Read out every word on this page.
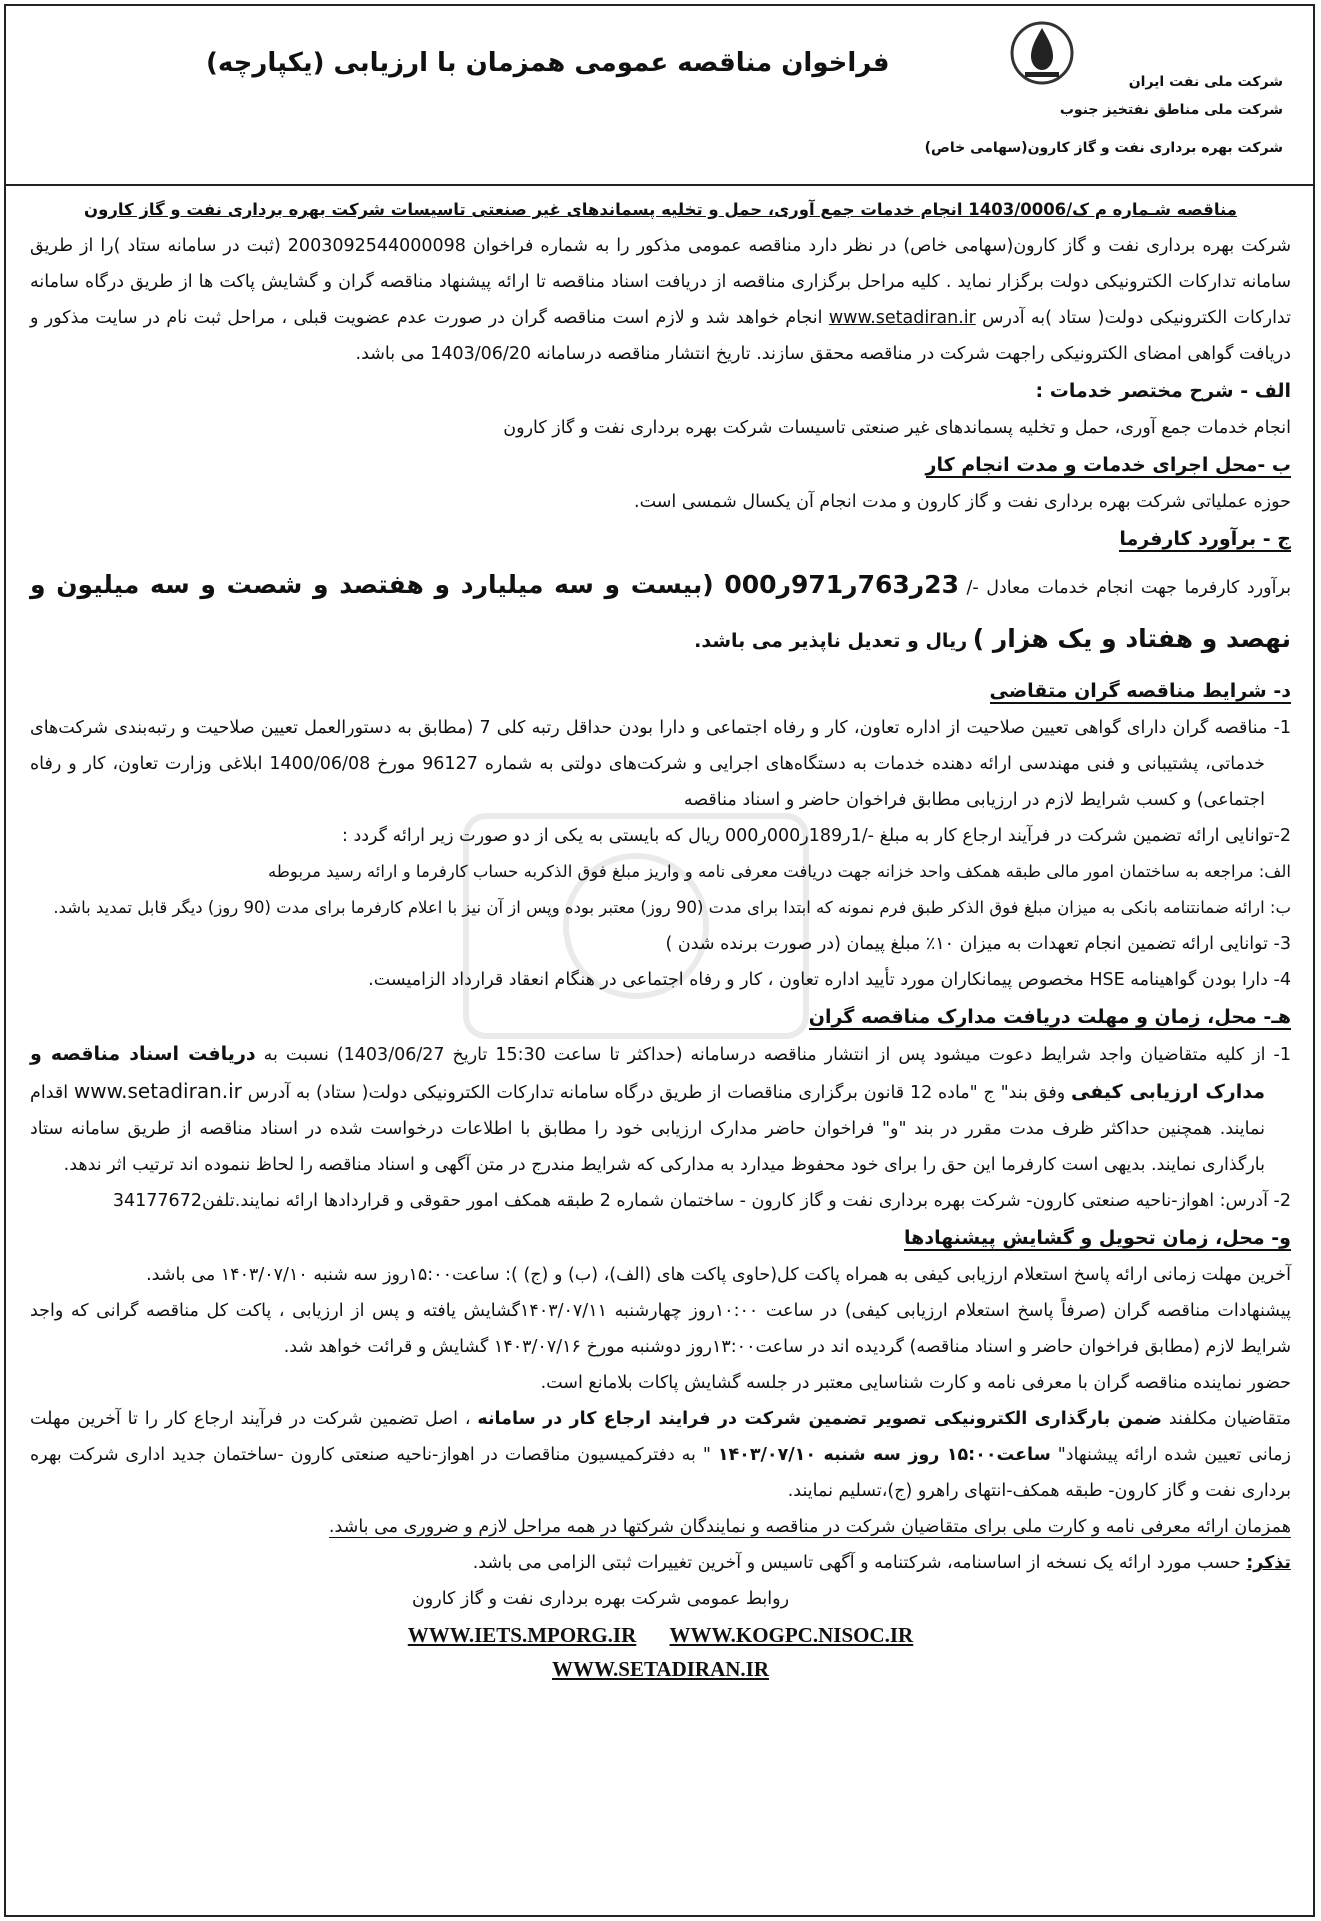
شرکت ملی نفت ایران
شرکت ملی مناطق نفتخیز جنوب
شرکت بهره برداری نفت و گاز کارون(سهامی خاص)
فراخوان مناقصه عمومی همزمان با ارزیابی (یکپارچه)

مناقصه شـماره م ک/1403/0006 انجام خدمات جمع آوری، حمل و تخلیه پسماندهای غیر صنعتی تاسیسات شرکت بهره برداری نفت و گاز کارون

شرکت بهره برداری نفت و گاز کارون(سهامی خاص) در نظر دارد مناقصه عمومی مذکور را به شماره فراخوان 2003092544000098 (ثبت در سامانه ستاد )را از طریق سامانه تدارکات الکترونیکی دولت برگزار نماید . کلیه مراحل برگزاری مناقصه از دریافت اسناد مناقصه تا ارائه پیشنهاد مناقصه گران و گشایش پاکت ها از طریق درگاه سامانه تدارکات الکترونیکی دولت( ستاد )به آدرس www.setadiran.ir انجام خواهد شد و لازم است مناقصه گران در صورت عدم عضویت قبلی ، مراحل ثبت نام در سایت مذکور و دریافت گواهی امضای الکترونیکی راجهت شرکت در مناقصه محقق سازند. تاریخ انتشار مناقصه درسامانه 1403/06/20 می باشد.

الف - شرح مختصر خدمات :

انجام خدمات جمع آوری، حمل و تخلیه پسماندهای غیر صنعتی تاسیسات شرکت بهره برداری نفت و گاز کارون

ب -محل اجرای خدمات و مدت انجام کار

حوزه عملیاتی شرکت بهره برداری نفت و گاز کارون و مدت انجام آن یکسال شمسی است.

ج - برآورد کارفرما

برآورد کارفرما جهت انجام خدمات معادل -/ 23ر763ر971ر000 (بیست و سه میلیارد و هفتصد و شصت و سه میلیون و نهصد و هفتاد و یک هزار ) ریال و تعدیل ناپذیر می باشد.

د- شرایط مناقصه گران متقاضی

1- مناقصه گران دارای گواهی تعیین صلاحیت از اداره تعاون، کار و رفاه اجتماعی و دارا بودن حداقل رتبه کلی 7 (مطابق به دستورالعمل تعیین صلاحیت و رتبه‌بندی شرکت‌های خدماتی، پشتیبانی و فنی مهندسی ارائه دهنده خدمات به دستگاه‌های اجرایی و شرکت‌های دولتی به شماره 96127 مورخ 1400/06/08 ابلاغی وزارت تعاون، کار و رفاه اجتماعی) و کسب شرایط لازم در ارزیابی مطابق فراخوان حاضر و اسناد مناقصه

2-توانایی ارائه تضمین شرکت در فرآیند ارجاع کار به مبلغ -/1ر189ر000ر000 ریال که بایستی به یکی از دو صورت زیر ارائه گردد :

الف: مراجعه به ساختمان امور مالی طبقه همکف واحد خزانه جهت دریافت معرفی نامه و واریز مبلغ فوق الذکربه حساب کارفرما و ارائه رسید مربوطه

ب: ارائه ضمانتنامه بانکی به میزان مبلغ فوق الذکر طبق فرم نمونه که ابتدا برای مدت (90 روز) معتبر بوده وپس از آن نیز با اعلام کارفرما برای مدت (90 روز) دیگر قابل تمدید باشد.

3- توانایی ارائه تضمین انجام تعهدات به میزان ۱۰٪ مبلغ پیمان (در صورت برنده شدن )

4- دارا بودن گواهینامه HSE مخصوص پیمانکاران مورد تأیید اداره تعاون ، کار و رفاه اجتماعی در هنگام انعقاد قرارداد الزامیست.

هـ- محل، زمان و مهلت دریافت مدارک مناقصه گران

1- از کلیه متقاضیان واجد شرایط دعوت میشود پس از انتشار مناقصه درسامانه (حداکثر تا ساعت 15:30 تاریخ 1403/06/27) نسبت به دریافت اسناد مناقصه و مدارک ارزیابی کیفی وفق بند" ج "ماده 12 قانون برگزاری مناقصات از طریق درگاه سامانه تدارکات الکترونیکی دولت( ستاد) به آدرس www.setadiran.ir اقدام نمایند. همچنین حداکثر ظرف مدت مقرر در بند "و" فراخوان حاضر مدارک ارزیابی خود را مطابق با اطلاعات درخواست شده در اسناد مناقصه از طریق سامانه ستاد بارگذاری نمایند. بدیهی است کارفرما این حق را برای خود محفوظ میدارد به مدارکی که شرایط مندرج در متن آگهی و اسناد مناقصه را لحاظ ننموده اند ترتیب اثر ندهد.

2- آدرس: اهواز-ناحیه صنعتی کارون- شرکت بهره برداری نفت و گاز کارون - ساختمان شماره 2 طبقه همکف امور حقوقی و قراردادها ارائه نمایند.تلفن34177672

و- محل، زمان تحویل و گشایش پیشنهادها

آخرین مهلت زمانی ارائه پاسخ استعلام ارزیابی کیفی به همراه پاکت کل(حاوی پاکت های (الف)، (ب) و (ج) ): ساعت۱۵:۰۰روز سه شنبه ۱۴۰۳/۰۷/۱۰ می باشد.

پیشنهادات مناقصه گران (صرفاً پاسخ استعلام ارزیابی کیفی) در ساعت ۱۰:۰۰روز چهارشنبه ۱۴۰۳/۰۷/۱۱گشایش یافته و پس از ارزیابی ، پاکت کل مناقصه گرانی که واجد شرایط لازم (مطابق فراخوان حاضر و اسناد مناقصه) گردیده اند در ساعت۱۳:۰۰روز دوشنبه مورخ ۱۴۰۳/۰۷/۱۶ گشایش و قرائت خواهد شد.

حضور نماینده مناقصه گران با معرفی نامه و کارت شناسایی معتبر در جلسه گشایش پاکات بلامانع است.

متقاضیان مکلفند ضمن بارگذاری الکترونیکی تصویر تضمین شرکت در فرایند ارجاع کار در سامانه ، اصل تضمین شرکت در فرآیند ارجاع کار را تا آخرین مهلت زمانی تعیین شده ارائه پیشنهاد" ساعت۱۵:۰۰ روز سه شنبه ۱۴۰۳/۰۷/۱۰ " به دفترکمیسیون مناقصات در اهواز-ناحیه صنعتی کارون -ساختمان جدید اداری شرکت بهره برداری نفت و گاز کارون- طبقه همکف-انتهای راهرو (ج)،تسلیم نمایند.

همزمان ارائه معرفی نامه و کارت ملی برای متقاضیان شرکت در مناقصه و نمایندگان شرکتها در همه مراحل لازم و ضروری می باشد.

تذکر: حسب مورد ارائه یک نسخه از اساسنامه، شرکتنامه و آگهی تاسیس و آخرین تغییرات ثبتی الزامی می باشد.

روابط عمومی شرکت بهره برداری نفت و گاز کارون

WWW.IETS.MPORG.IR WWW.KOGPC.NISOC.IR
WWW.SETADIRAN.IR
